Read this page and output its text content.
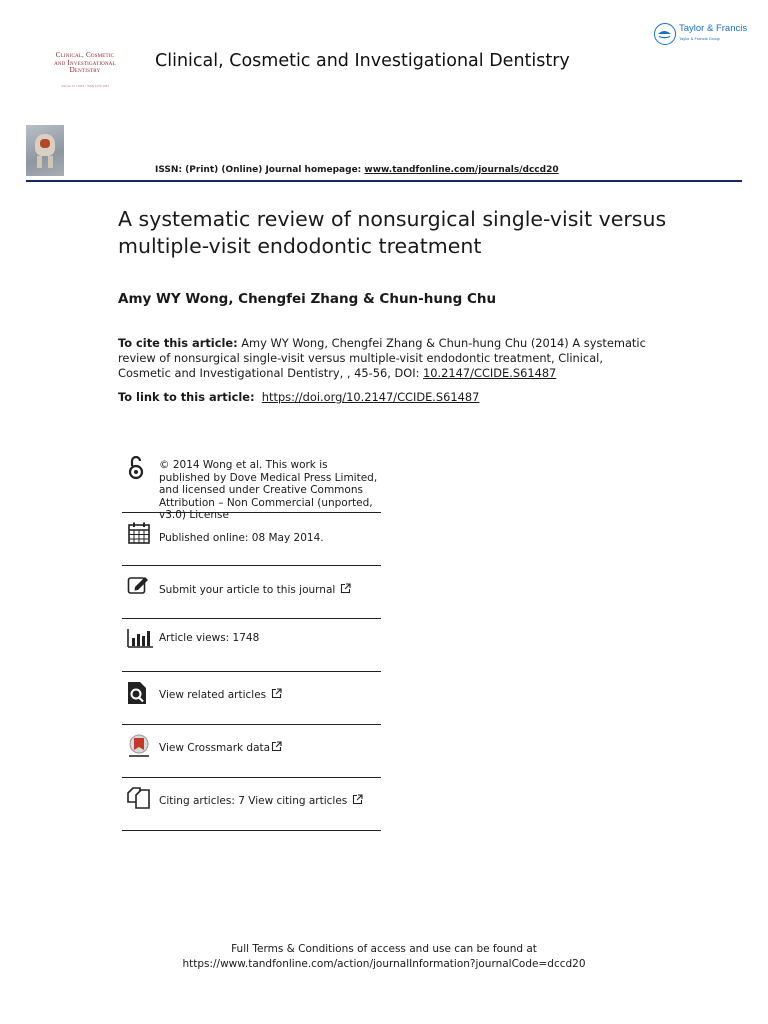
Taylor & Francis
Taylor & Francis Group
Clinical, Cosmetic
and Investigational
Dentistry
Volume 11 • 2019 • ISSN 1179-1357
Clinical, Cosmetic and Investigational Dentistry
ISSN: (Print) (Online) Journal homepage: www.tandfonline.com/journals/dccd20
A systematic review of nonsurgical single-visit versus multiple-visit endodontic treatment
Amy WY Wong, Chengfei Zhang & Chun-hung Chu
To cite this article: Amy WY Wong, Chengfei Zhang & Chun-hung Chu (2014) A systematic review of nonsurgical single-visit versus multiple-visit endodontic treatment, Clinical, Cosmetic and Investigational Dentistry, , 45-56, DOI: 10.2147/CCIDE.S61487
To link to this article: https://doi.org/10.2147/CCIDE.S61487
© 2014 Wong et al. This work is published by Dove Medical Press Limited, and licensed under Creative Commons Attribution – Non Commercial (unported, v3.0) License
Published online: 08 May 2014.
Submit your article to this journal
Article views: 1748
View related articles
View Crossmark data
Citing articles: 7 View citing articles
Full Terms & Conditions of access and use can be found at
https://www.tandfonline.com/action/journalInformation?journalCode=dccd20
